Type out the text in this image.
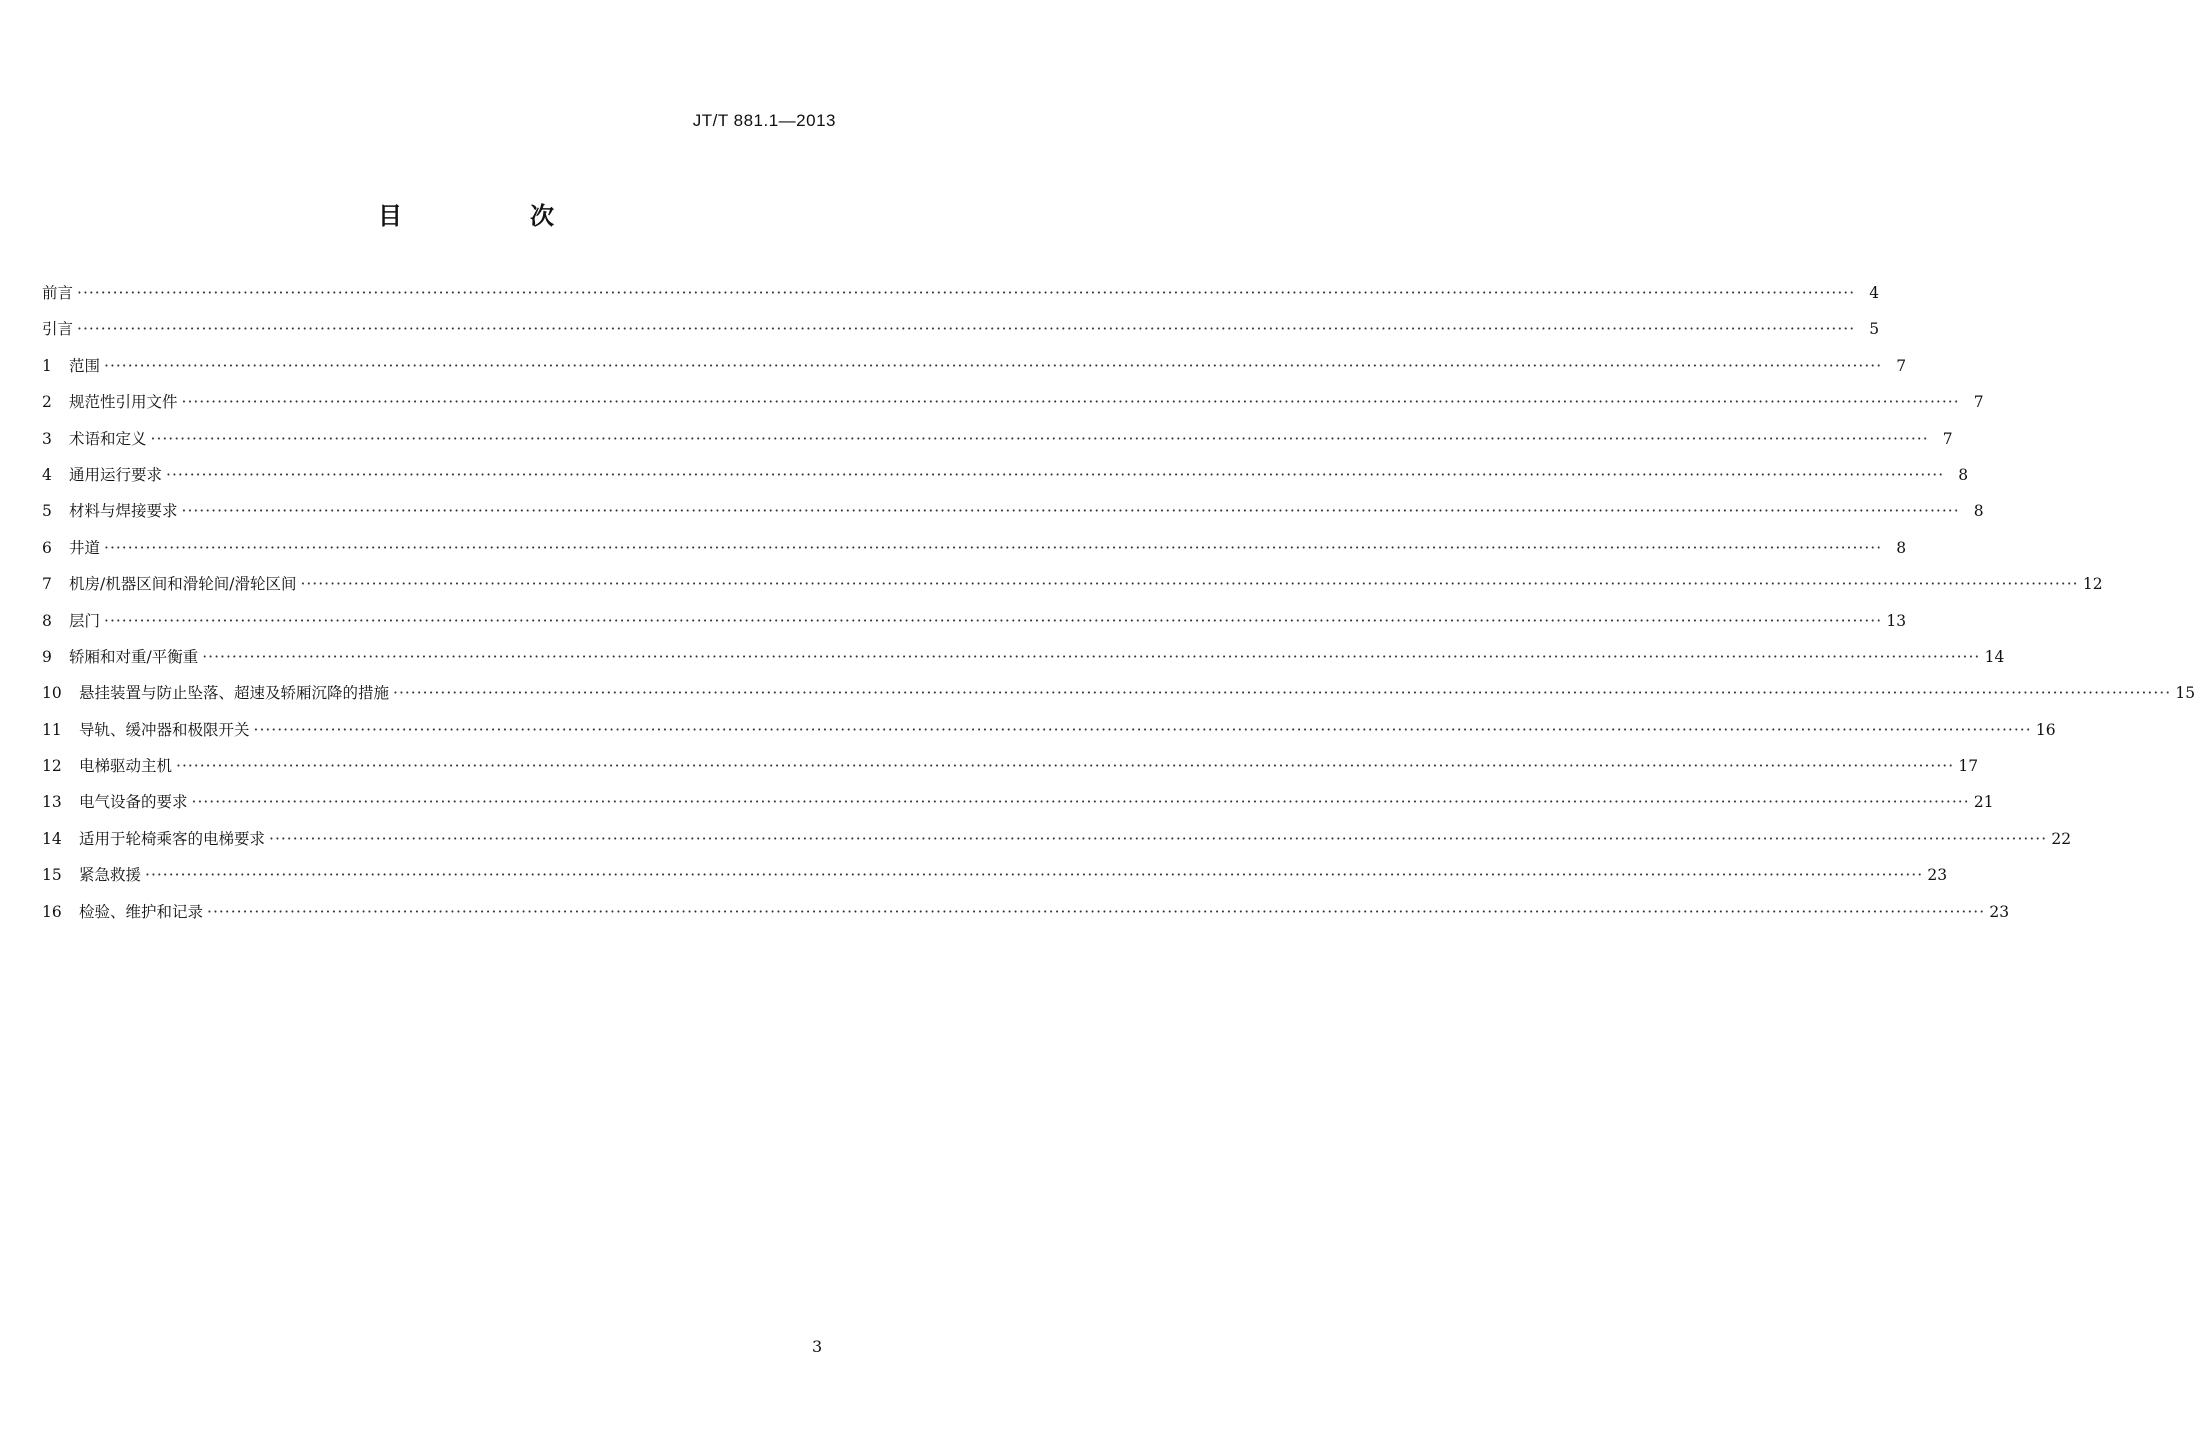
JT/T 881.1—2013
目　次
前言 ············································································································································································································································································································ 4
引言 ············································································································································································································································································································ 5
1	范围 ············································································································································································································································································································ 7
2	规范性引用文件 ············································································································································································································································································································ 7
3	术语和定义 ············································································································································································································································································································ 7
4	通用运行要求 ············································································································································································································································································································ 8
5	材料与焊接要求 ············································································································································································································································································································ 8
6	井道 ············································································································································································································································································································ 8
7	机房/机器区间和滑轮间/滑轮区间 ············································································································································································································································································································ 12
8	层门 ············································································································································································································································································································ 13
9	轿厢和对重/平衡重 ············································································································································································································································································································ 14
10	悬挂装置与防止坠落、超速及轿厢沉降的措施 ············································································································································································································································································································ 15
11	导轨、缓冲器和极限开关 ············································································································································································································································································································ 16
12	电梯驱动主机 ············································································································································································································································································································ 17
13	电气设备的要求 ············································································································································································································································································································ 21
14	适用于轮椅乘客的电梯要求 ············································································································································································································································································································ 22
15	紧急救援 ············································································································································································································································································································ 23
16	检验、维护和记录 ············································································································································································································································································································ 23
3
